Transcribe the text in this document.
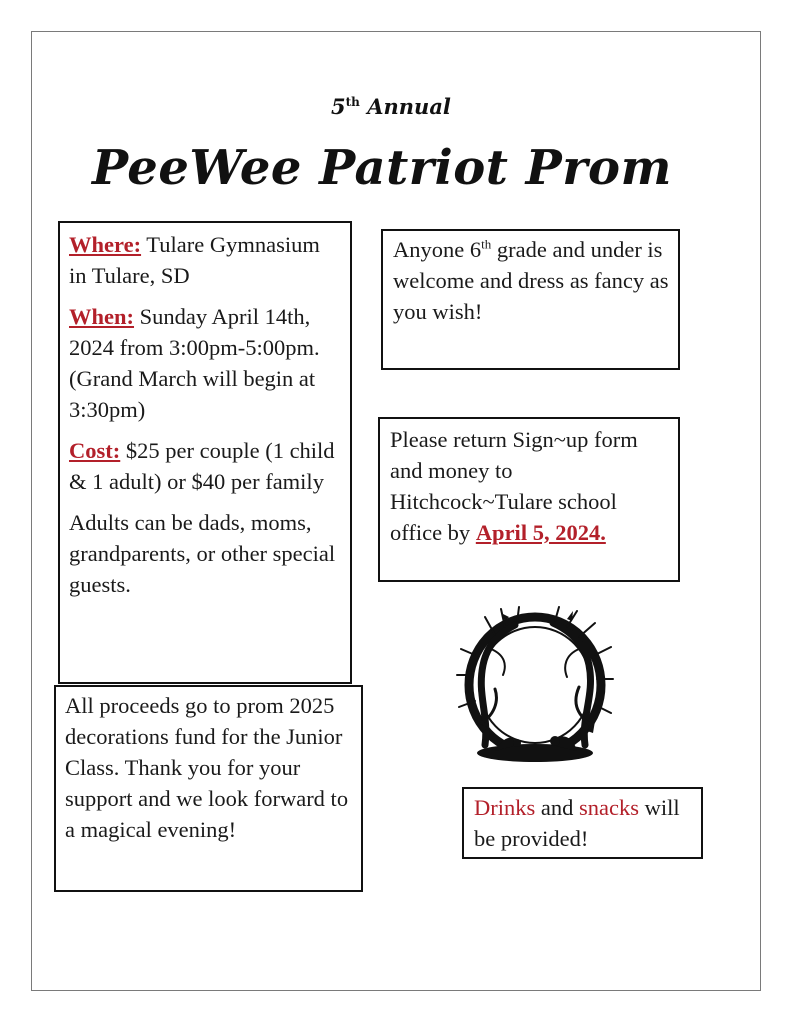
5th Annual
PeeWee Patriot Prom

Where: Tulare Gymnasium in Tulare, SD

When: Sunday April 14th, 2024 from 3:00pm-5:00pm. (Grand March will begin at 3:30pm)

Cost: $25 per couple (1 child & 1 adult) or $40 per family

Adults can be dads, moms, grandparents, or other special guests.

Anyone 6th grade and under is welcome and dress as fancy as you wish!

Please return Sign~up form and money to Hitchcock~Tulare school office by April 5, 2024.

All proceeds go to prom 2025 decorations fund for the Junior Class. Thank you for your support and we look forward to a magical evening!

Drinks and snacks will be provided!
